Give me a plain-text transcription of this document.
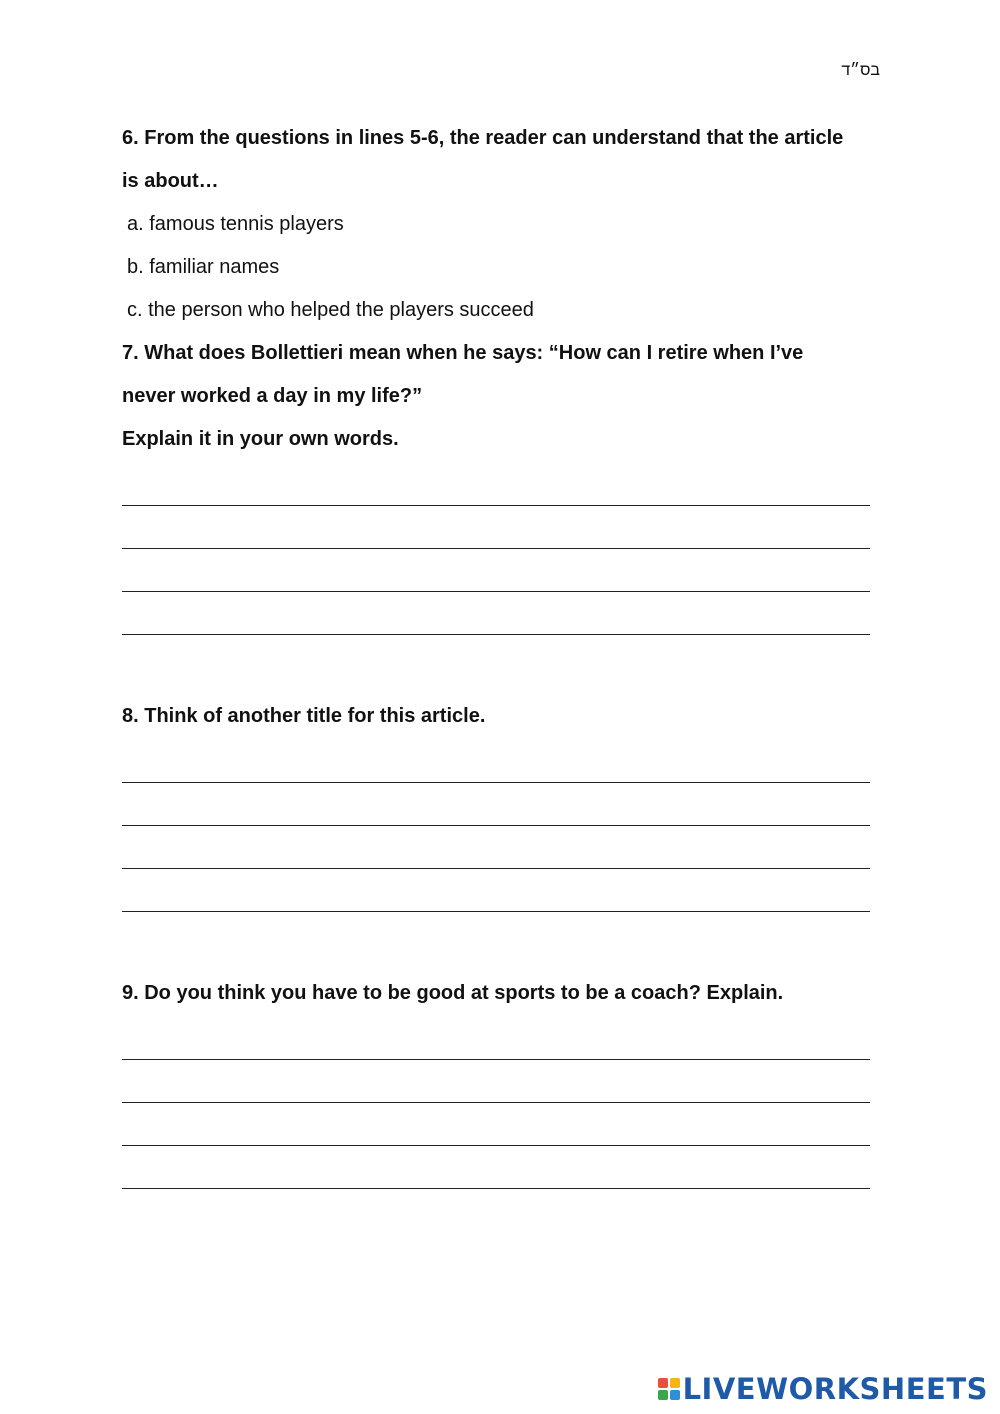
בס״ד

6. From the questions in lines 5-6, the reader can understand that the article

is about…

a. famous tennis players

b. familiar names

c. the person who helped the players succeed

7. What does Bollettieri mean when he says: “How can I retire when I’ve

never worked a day in my life?”

Explain it in your own words.

8. Think of another title for this article.

9. Do you think you have to be good at sports to be a coach? Explain.

LIVEWORKSHEETS
